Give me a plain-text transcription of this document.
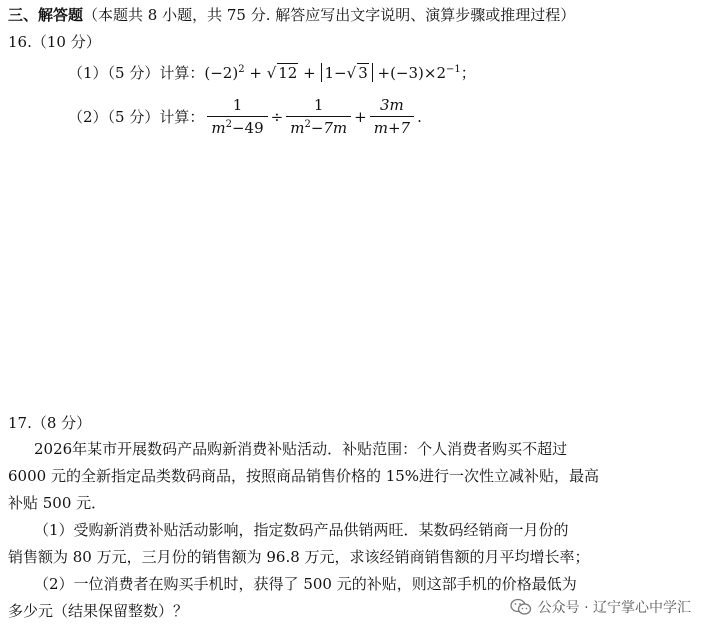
三、解答题（本题共 8 小题，共 75 分. 解答应写出文字说明、演算步骤或推理过程）
16.（10 分）
（1）（5 分）计算：$(-2)^2$ + √ 12 + 1−√ $3 +(-3)\times 2^{-1}$；
（2）（5 分）计算： $\frac{1}{m^2-49} \div \frac{1}{m^2-7m} + \frac{3m}{m+7}$ .
17.（8 分）
2026年某市开展数码产品购新消费补贴活动．补贴范围：个人消费者购买不超过
6000 元的全新指定品类数码商品，按照商品销售价格的 15%进行一次性立减补贴，最高
补贴 500 元．
（1）受购新消费补贴活动影响，指定数码产品供销两旺．某数码经销商一月份的
销售额为 80 万元，三月份的销售额为 96.8 万元，求该经销商销售额的月平均增长率；
（2）一位消费者在购买手机时，获得了 500 元的补贴，则这部手机的价格最低为
多少元（结果保留整数）？	公众号 · 辽宁掌心中学汇
